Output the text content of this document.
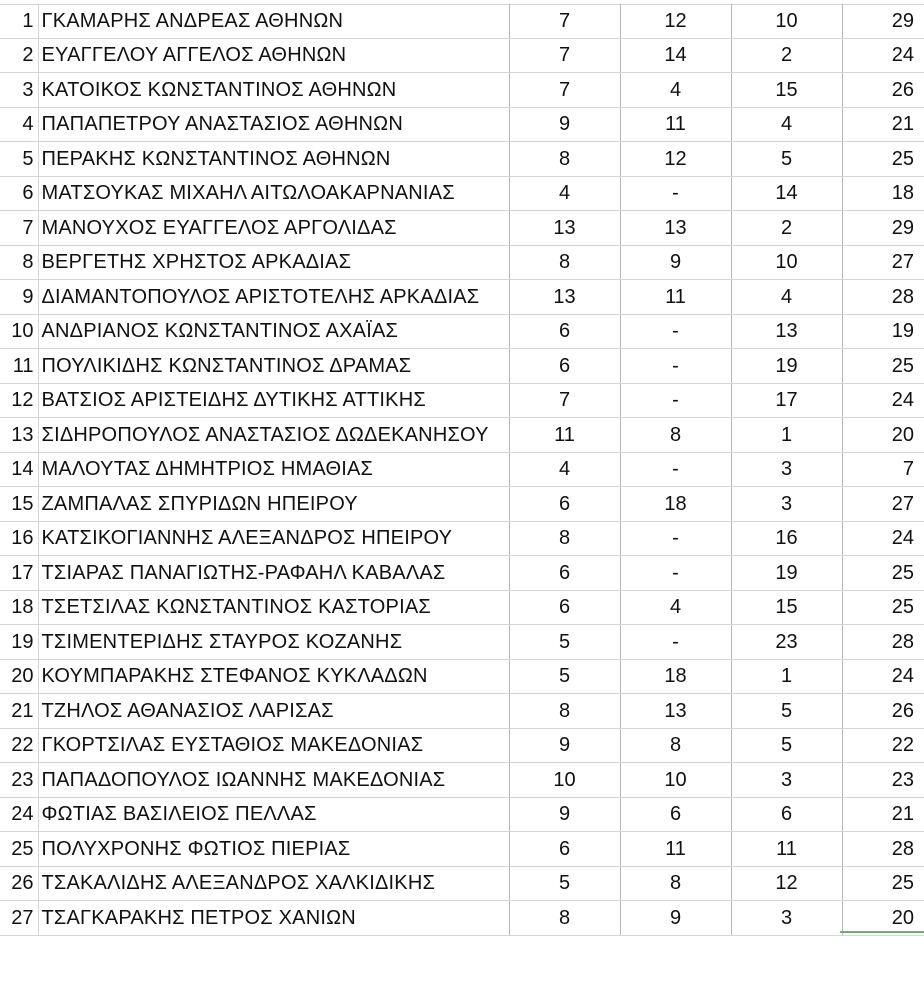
1	ΓΚΑΜΑΡΗΣ ΑΝΔΡΕΑΣ ΑΘΗΝΩΝ	7	12	10	29
2	ΕΥΑΓΓΕΛΟΥ ΑΓΓΕΛΟΣ ΑΘΗΝΩΝ	7	14	2	24
3	ΚΑΤΟΙΚΟΣ ΚΩΝΣΤΑΝΤΙΝΟΣ ΑΘΗΝΩΝ	7	4	15	26
4	ΠΑΠΑΠΕΤΡΟΥ ΑΝΑΣΤΑΣΙΟΣ ΑΘΗΝΩΝ	9	11	4	21
5	ΠΕΡΑΚΗΣ ΚΩΝΣΤΑΝΤΙΝΟΣ ΑΘΗΝΩΝ	8	12	5	25
6	ΜΑΤΣΟΥΚΑΣ ΜΙΧΑΗΛ ΑΙΤΩΛΟΑΚΑΡΝΑΝΙΑΣ	4	-	14	18
7	ΜΑΝΟΥΧΟΣ ΕΥΑΓΓΕΛΟΣ ΑΡΓΟΛΙΔΑΣ	13	13	2	29
8	ΒΕΡΓΕΤΗΣ ΧΡΗΣΤΟΣ ΑΡΚΑΔΙΑΣ	8	9	10	27
9	ΔΙΑΜΑΝΤΟΠΟΥΛΟΣ ΑΡΙΣΤΟΤΕΛΗΣ ΑΡΚΑΔΙΑΣ	13	11	4	28
10	ΑΝΔΡΙΑΝΟΣ ΚΩΝΣΤΑΝΤΙΝΟΣ ΑΧΑΪΑΣ	6	-	13	19
11	ΠΟΥΛΙΚΙΔΗΣ ΚΩΝΣΤΑΝΤΙΝΟΣ ΔΡΑΜΑΣ	6	-	19	25
12	ΒΑΤΣΙΟΣ ΑΡΙΣΤΕΙΔΗΣ ΔΥΤΙΚΗΣ ΑΤΤΙΚΗΣ	7	-	17	24
13	ΣΙΔΗΡΟΠΟΥΛΟΣ ΑΝΑΣΤΑΣΙΟΣ ΔΩΔΕΚΑΝΗΣΟΥ	11	8	1	20
14	ΜΑΛΟΥΤΑΣ ΔΗΜΗΤΡΙΟΣ ΗΜΑΘΙΑΣ	4	-	3	7
15	ΖΑΜΠΑΛΑΣ ΣΠΥΡΙΔΩΝ ΗΠΕΙΡΟΥ	6	18	3	27
16	ΚΑΤΣΙΚΟΓΙΑΝΝΗΣ ΑΛΕΞΑΝΔΡΟΣ ΗΠΕΙΡΟΥ	8	-	16	24
17	ΤΣΙΑΡΑΣ ΠΑΝΑΓΙΩΤΗΣ-ΡΑΦΑΗΛ ΚΑΒΑΛΑΣ	6	-	19	25
18	ΤΣΕΤΣΙΛΑΣ ΚΩΝΣΤΑΝΤΙΝΟΣ ΚΑΣΤΟΡΙΑΣ	6	4	15	25
19	ΤΣΙΜΕΝΤΕΡΙΔΗΣ ΣΤΑΥΡΟΣ ΚΟΖΑΝΗΣ	5	-	23	28
20	ΚΟΥΜΠΑΡΑΚΗΣ ΣΤΕΦΑΝΟΣ ΚΥΚΛΑΔΩΝ	5	18	1	24
21	ΤΖΗΛΟΣ ΑΘΑΝΑΣΙΟΣ ΛΑΡΙΣΑΣ	8	13	5	26
22	ΓΚΟΡΤΣΙΛΑΣ ΕΥΣΤΑΘΙΟΣ ΜΑΚΕΔΟΝΙΑΣ	9	8	5	22
23	ΠΑΠΑΔΟΠΟΥΛΟΣ ΙΩΑΝΝΗΣ ΜΑΚΕΔΟΝΙΑΣ	10	10	3	23
24	ΦΩΤΙΑΣ ΒΑΣΙΛΕΙΟΣ ΠΕΛΛΑΣ	9	6	6	21
25	ΠΟΛΥΧΡΟΝΗΣ ΦΩΤΙΟΣ ΠΙΕΡΙΑΣ	6	11	11	28
26	ΤΣΑΚΑΛΙΔΗΣ ΑΛΕΞΑΝΔΡΟΣ ΧΑΛΚΙΔΙΚΗΣ	5	8	12	25
27	ΤΣΑΓΚΑΡΑΚΗΣ ΠΕΤΡΟΣ ΧΑΝΙΩΝ	8	9	3	20
